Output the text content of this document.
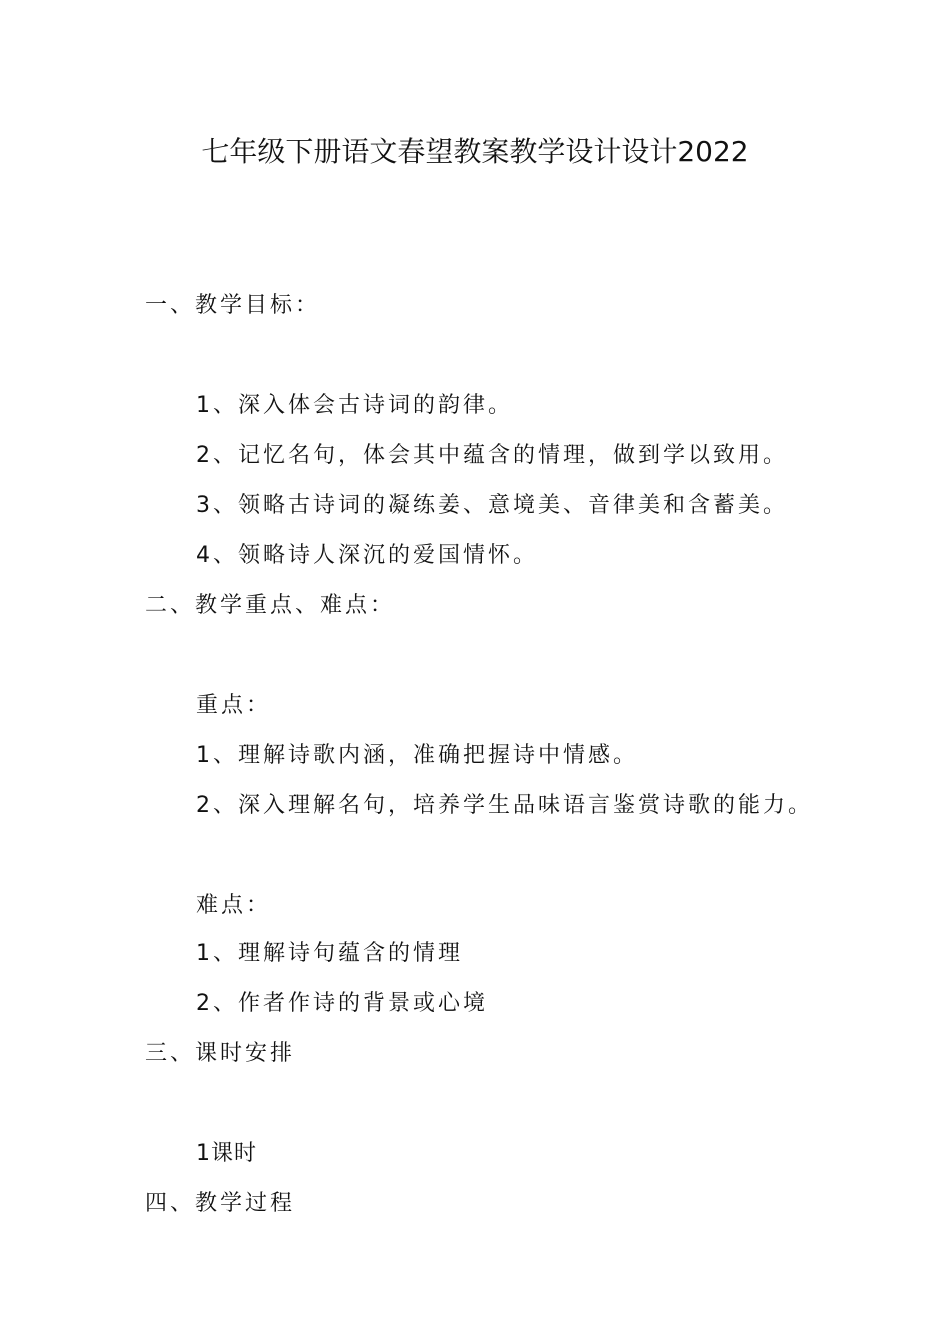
七年级下册语文春望教案教学设计设计2022
一、教学目标：
1、深入体会古诗词的韵律。
2、记忆名句，体会其中蕴含的情理，做到学以致用。
3、领略古诗词的凝练姜、意境美、音律美和含蓄美。
4、领略诗人深沉的爱国情怀。
二、教学重点、难点：
重点：
1、理解诗歌内涵，准确把握诗中情感。
2、深入理解名句，培养学生品味语言鉴赏诗歌的能力。
难点：
1、理解诗句蕴含的情理
2、作者作诗的背景或心境
三、课时安排
1课时
四、教学过程
